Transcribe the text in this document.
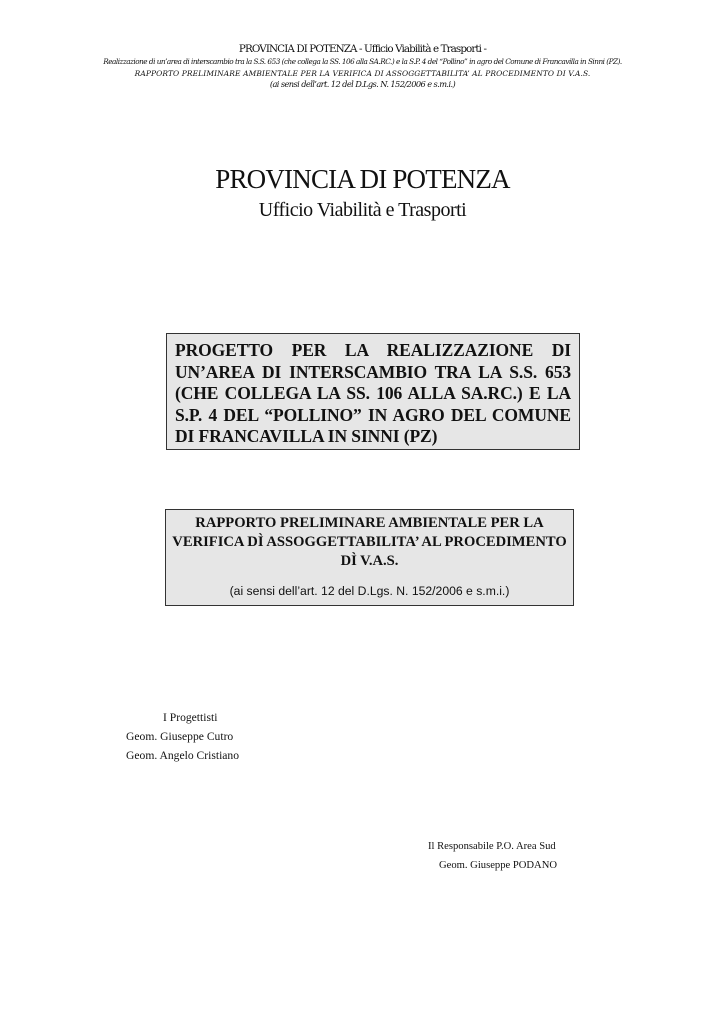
PROVINCIA DI POTENZA - Ufficio Viabilità e Trasporti -
Realizzazione di un’area di interscambio tra la S.S. 653 (che collega la SS. 106 alla SA.RC.) e la S.P. 4 del “Pollino” in agro del Comune di Francavilla in Sinni (PZ).
RAPPORTO PRELIMINARE AMBIENTALE PER LA VERIFICA DI ASSOGGETTABILITA’ AL PROCEDIMENTO DI V.A.S.
(ai sensi dell’art. 12 del D.Lgs. N. 152/2006 e s.m.i.)
PROVINCIA DI POTENZA
Ufficio Viabilità e Trasporti

PROGETTO PER LA REALIZZAZIONE DI UN’AREA DI INTERSCAMBIO TRA LA S.S. 653 (CHE COLLEGA LA SS. 106 ALLA SA.RC.) E LA S.P. 4 DEL “POLLINO” IN AGRO DEL COMUNE DI FRANCAVILLA IN SINNI (PZ)

RAPPORTO PRELIMINARE AMBIENTALE PER LA VERIFICA DÌ ASSOGGETTABILITA’ AL PROCEDIMENTO DÌ V.A.S.

(ai sensi dell’art. 12 del D.Lgs. N. 152/2006 e s.m.i.)

I Progettisti
Geom. Giuseppe Cutro
Geom. Angelo Cristiano
Il Responsabile P.O. Area Sud
Geom. Giuseppe PODANO
